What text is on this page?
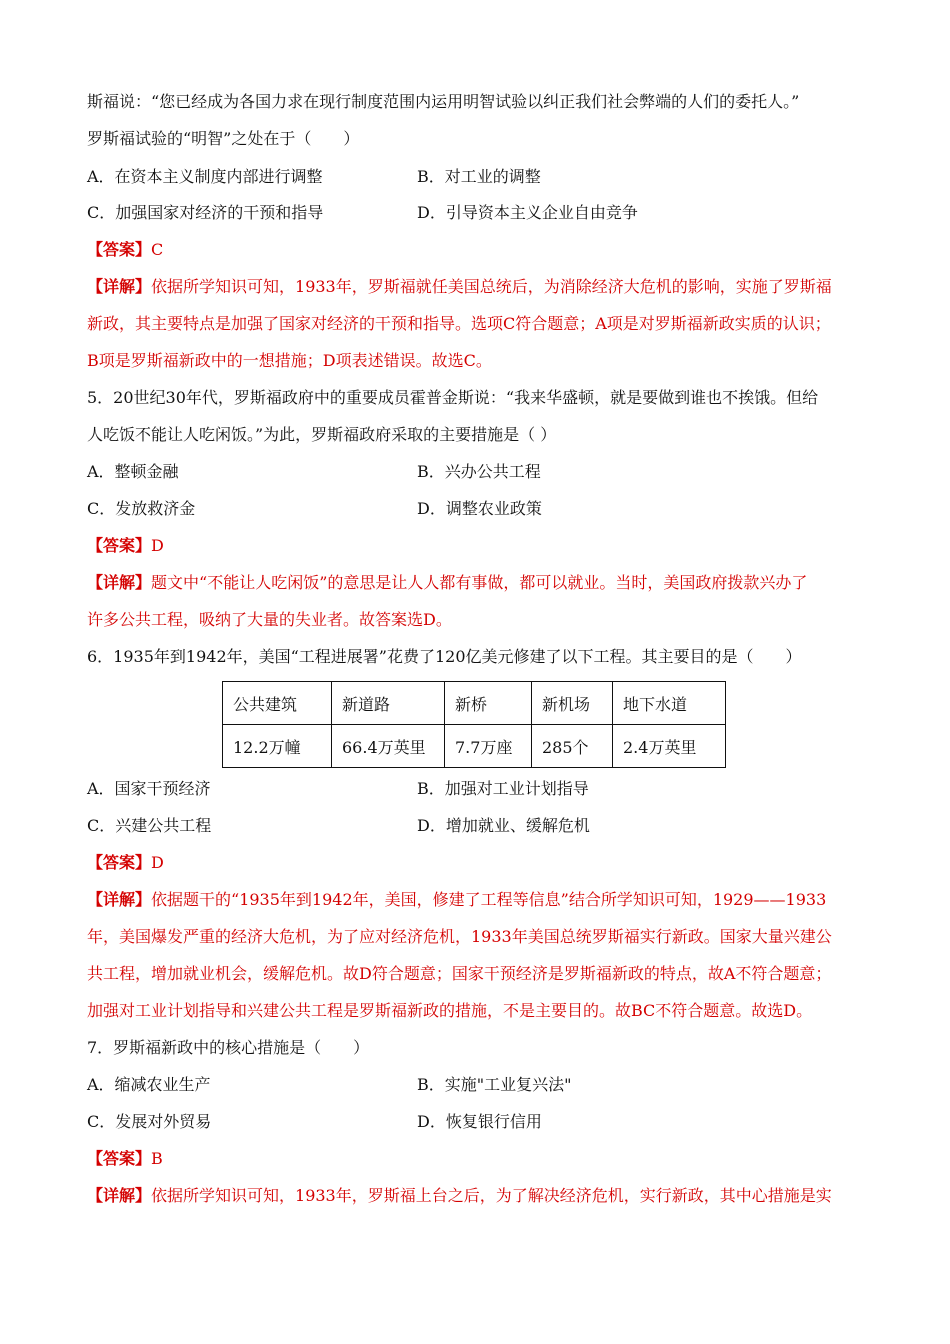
斯福说：“您已经成为各国力求在现行制度范围内运用明智试验以纠正我们社会弊端的人们的委托人。”
罗斯福试验的“明智”之处在于（　　）
A．在资本主义制度内部进行调整	B．对工业的调整
C．加强国家对经济的干预和指导	D．引导资本主义企业自由竞争
【答案】C
【详解】依据所学知识可知，1933年，罗斯福就任美国总统后，为消除经济大危机的影响，实施了罗斯福
新政，其主要特点是加强了国家对经济的干预和指导。选项C符合题意；A项是对罗斯福新政实质的认识；
B项是罗斯福新政中的一想措施；D项表述错误。故选C。
5．20世纪30年代，罗斯福政府中的重要成员霍普金斯说：“我来华盛顿，就是要做到谁也不挨饿。但给
人吃饭不能让人吃闲饭。”为此，罗斯福政府采取的主要措施是（ ）
A．整顿金融	B．兴办公共工程
C．发放救济金	D．调整农业政策
【答案】D
【详解】题文中“不能让人吃闲饭”的意思是让人人都有事做，都可以就业。当时，美国政府拨款兴办了
许多公共工程，吸纳了大量的失业者。故答案选D。
6．1935年到1942年，美国“工程进展署”花费了120亿美元修建了以下工程。其主要目的是（　　）
公共建筑	新道路	新桥	新机场	地下水道
12.2万幢	66.4万英里	7.7万座	285个	2.4万英里
A．国家干预经济	B．加强对工业计划指导
C．兴建公共工程	D．增加就业、缓解危机
【答案】D
【详解】依据题干的“1935年到1942年，美国，修建了工程等信息”结合所学知识可知，1929——1933
年，美国爆发严重的经济大危机，为了应对经济危机，1933年美国总统罗斯福实行新政。国家大量兴建公
共工程，增加就业机会，缓解危机。故D符合题意；国家干预经济是罗斯福新政的特点，故A不符合题意；
加强对工业计划指导和兴建公共工程是罗斯福新政的措施，不是主要目的。故BC不符合题意。故选D。
7．罗斯福新政中的核心措施是（　　）
A．缩减农业生产	B．实施"工业复兴法"
C．发展对外贸易	D．恢复银行信用
【答案】B
【详解】依据所学知识可知，1933年，罗斯福上台之后，为了解决经济危机，实行新政，其中心措施是实
